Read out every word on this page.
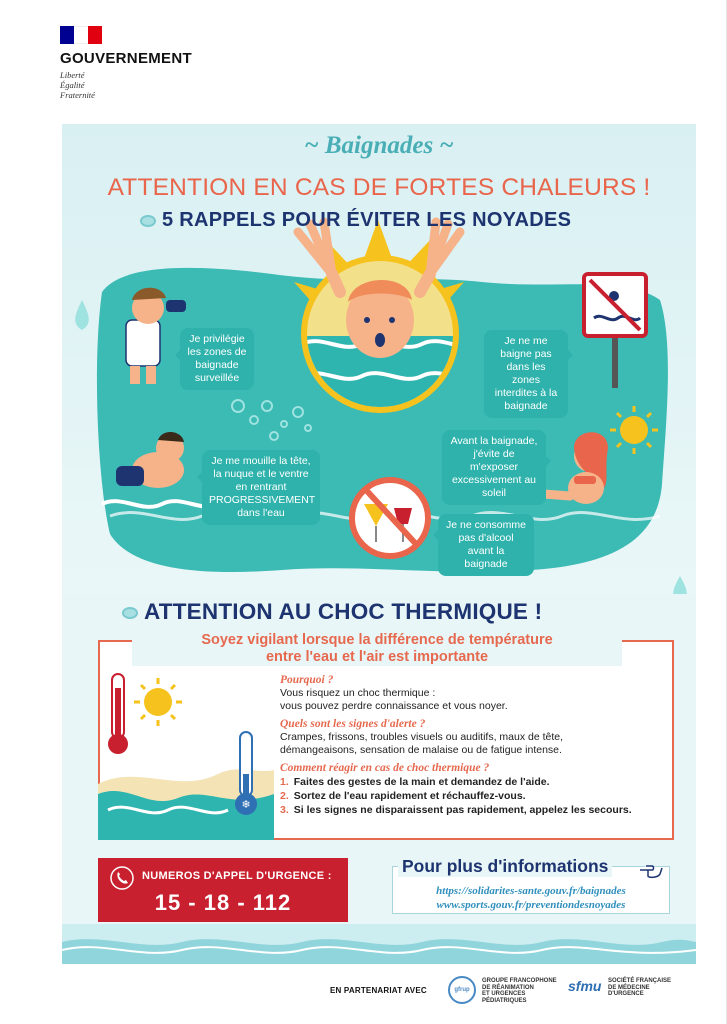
GOUVERNEMENT
Liberté
Égalité
Fraternité
~ Baignades ~
ATTENTION EN CAS DE FORTES CHALEURS !
5 RAPPELS POUR ÉVITER LES NOYADES
Je privilégie les zones de baignade surveillée
Je ne me baigne pas dans les zones interdites à la baignade
Je me mouille la tête, la nuque et le ventre en rentrant PROGRESSIVEMENT dans l'eau
Avant la baignade, j'évite de m'exposer excessivement au soleil
Je ne consomme pas d'alcool avant la baignade
ATTENTION AU CHOC THERMIQUE !
Soyez vigilant lorsque la différence de température
entre l'eau et l'air est importante
❄
Pourquoi ?
Vous risquez un choc thermique :
vous pouvez perdre connaissance et vous noyer.
Quels sont les signes d'alerte ?
Crampes, frissons, troubles visuels ou auditifs, maux de tête,
démangeaisons, sensation de malaise ou de fatigue intense.
Comment réagir en cas de choc thermique ?
1. Faites des gestes de la main et demandez de l'aide.
2. Sortez de l'eau rapidement et réchauffez-vous.
3. Si les signes ne disparaissent pas rapidement, appelez les secours.
NUMEROS D'APPEL D'URGENCE :
15 - 18 - 112
Pour plus d'informations
https://solidarites-sante.gouv.fr/baignades
www.sports.gouv.fr/preventiondesnoyades
EN PARTENARIAT AVEC	gfrup
GROUPE FRANCOPHONE
DE RÉANIMATION
ET URGENCES
PÉDIATRIQUES
sfmu SOCIÉTÉ FRANÇAISE
DE MÉDECINE
D'URGENCE
